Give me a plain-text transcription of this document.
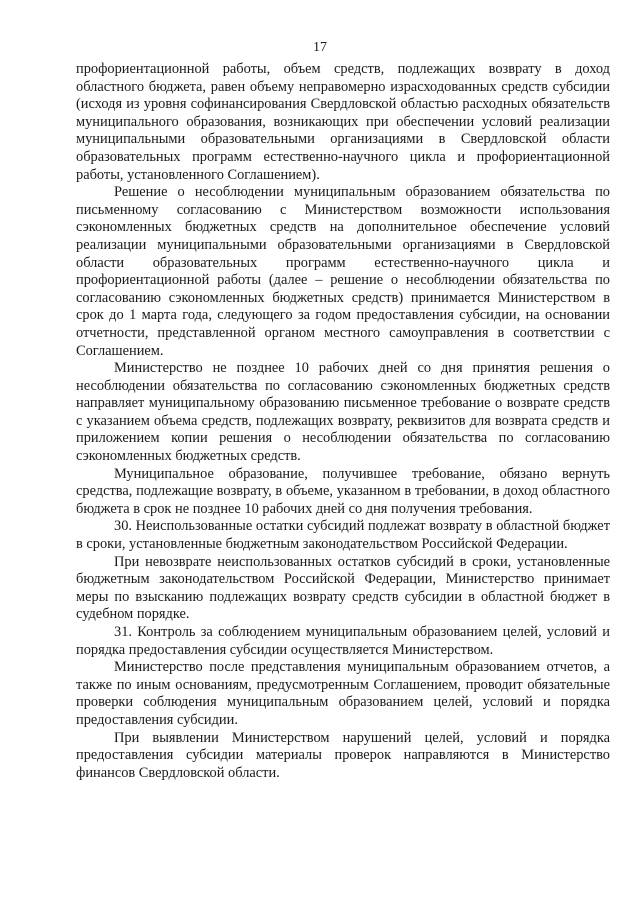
17

профориентационной работы, объем средств, подлежащих возврату в доход областного бюджета, равен объему неправомерно израсходованных средств субсидии (исходя из уровня софинансирования Свердловской областью расходных обязательств муниципального образования, возникающих при обеспечении условий реализации муниципальными образовательными организациями в Свердловской области образовательных программ естественно-научного цикла и профориентационной работы, установленного Соглашением).

Решение о несоблюдении муниципальным образованием обязательства по письменному согласованию с Министерством возможности использования сэкономленных бюджетных средств на дополнительное обеспечение условий реализации муниципальными образовательными организациями в Свердловской области образовательных программ естественно-научного цикла и профориентационной работы (далее – решение о несоблюдении обязательства по согласованию сэкономленных бюджетных средств) принимается Министерством в срок до 1 марта года, следующего за годом предоставления субсидии, на основании отчетности, представленной органом местного самоуправления в соответствии с Соглашением.

Министерство не позднее 10 рабочих дней со дня принятия решения о несоблюдении обязательства по согласованию сэкономленных бюджетных средств направляет муниципальному образованию письменное требование о возврате средств с указанием объема средств, подлежащих возврату, реквизитов для возврата средств и приложением копии решения о несоблюдении обязательства по согласованию сэкономленных бюджетных средств.

Муниципальное образование, получившее требование, обязано вернуть средства, подлежащие возврату, в объеме, указанном в требовании, в доход областного бюджета в срок не позднее 10 рабочих дней со дня получения требования.

30. Неиспользованные остатки субсидий подлежат возврату в областной бюджет в сроки, установленные бюджетным законодательством Российской Федерации.

При невозврате неиспользованных остатков субсидий в сроки, установленные бюджетным законодательством Российской Федерации, Министерство принимает меры по взысканию подлежащих возврату средств субсидии в областной бюджет в судебном порядке.

31. Контроль за соблюдением муниципальным образованием целей, условий и порядка предоставления субсидии осуществляется Министерством.

Министерство после представления муниципальным образованием отчетов, а также по иным основаниям, предусмотренным Соглашением, проводит обязательные проверки соблюдения муниципальным образованием целей, условий и порядка предоставления субсидии.

При выявлении Министерством нарушений целей, условий и порядка предоставления субсидии материалы проверок направляются в Министерство финансов Свердловской области.
